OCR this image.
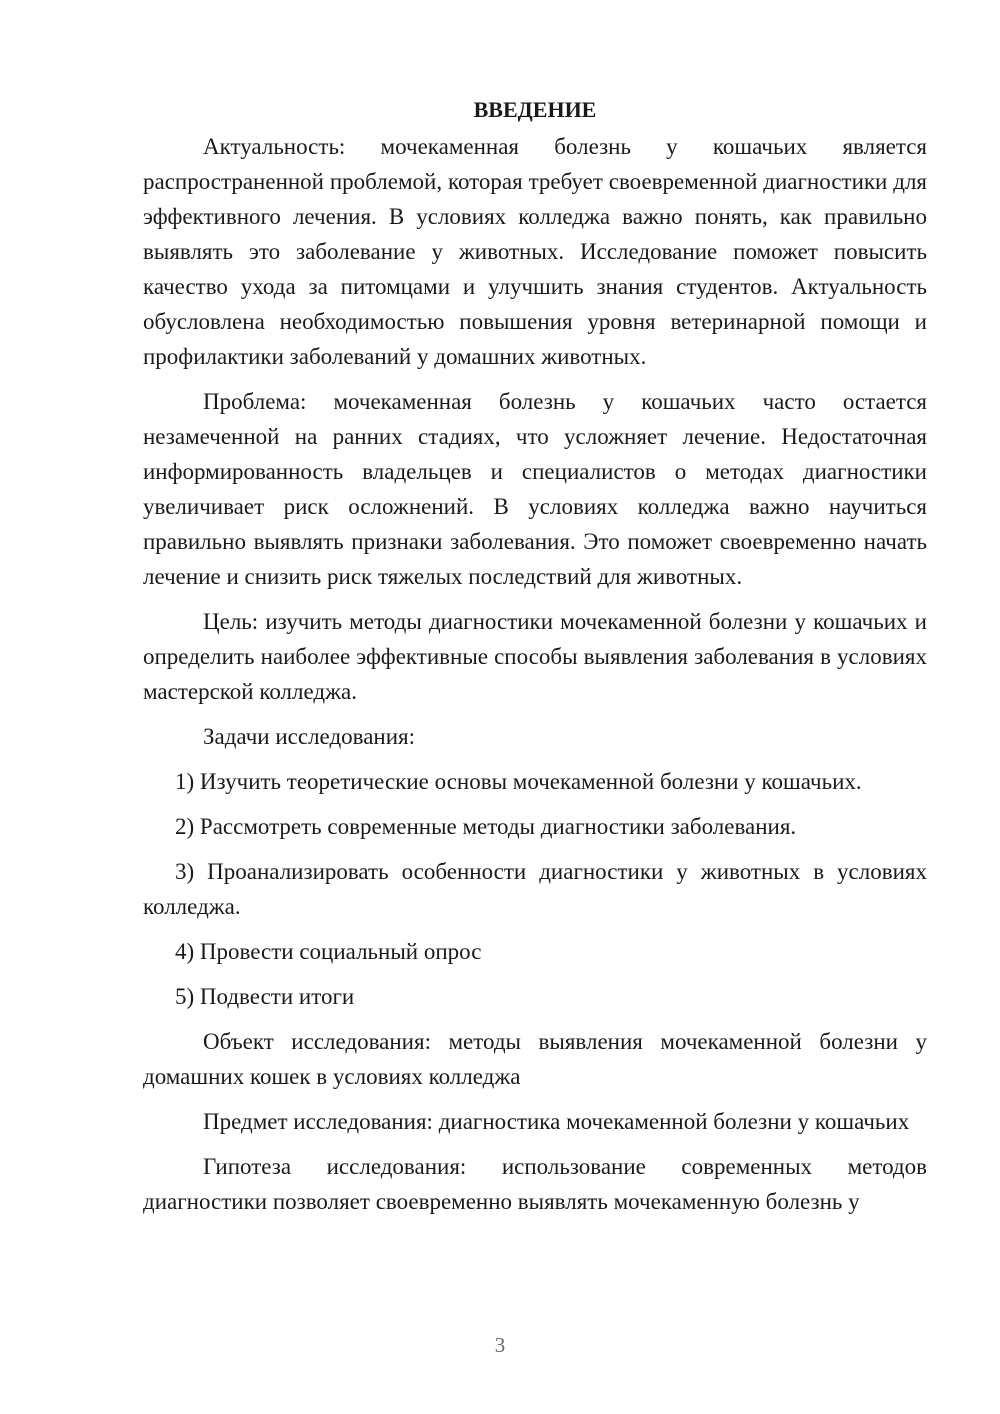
ВВЕДЕНИЕ

Актуальность: мочекаменная болезнь у кошачьих является распространенной проблемой, которая требует своевременной диагностики для эффективного лечения. В условиях колледжа важно понять, как правильно выявлять это заболевание у животных. Исследование поможет повысить качество ухода за питомцами и улучшить знания студентов. Актуальность обусловлена необходимостью повышения уровня ветеринарной помощи и профилактики заболеваний у домашних животных.

Проблема: мочекаменная болезнь у кошачьих часто остается незамеченной на ранних стадиях, что усложняет лечение. Недостаточная информированность владельцев и специалистов о методах диагностики увеличивает риск осложнений. В условиях колледжа важно научиться правильно выявлять признаки заболевания. Это поможет своевременно начать лечение и снизить риск тяжелых последствий для животных.

Цель: изучить методы диагностики мочекаменной болезни у кошачьих и определить наиболее эффективные способы выявления заболевания в условиях мастерской колледжа.

Задачи исследования:

1) Изучить теоретические основы мочекаменной болезни у кошачьих.

2) Рассмотреть современные методы диагностики заболевания.

3) Проанализировать особенности диагностики у животных в условиях колледжа.

4) Провести социальный опрос

5) Подвести итоги

Объект исследования: методы выявления мочекаменной болезни у домашних кошек в условиях колледжа

Предмет исследования: диагностика мочекаменной болезни у кошачьих

Гипотеза исследования: использование современных методов диагностики позволяет своевременно выявлять мочекаменную болезнь у

3
